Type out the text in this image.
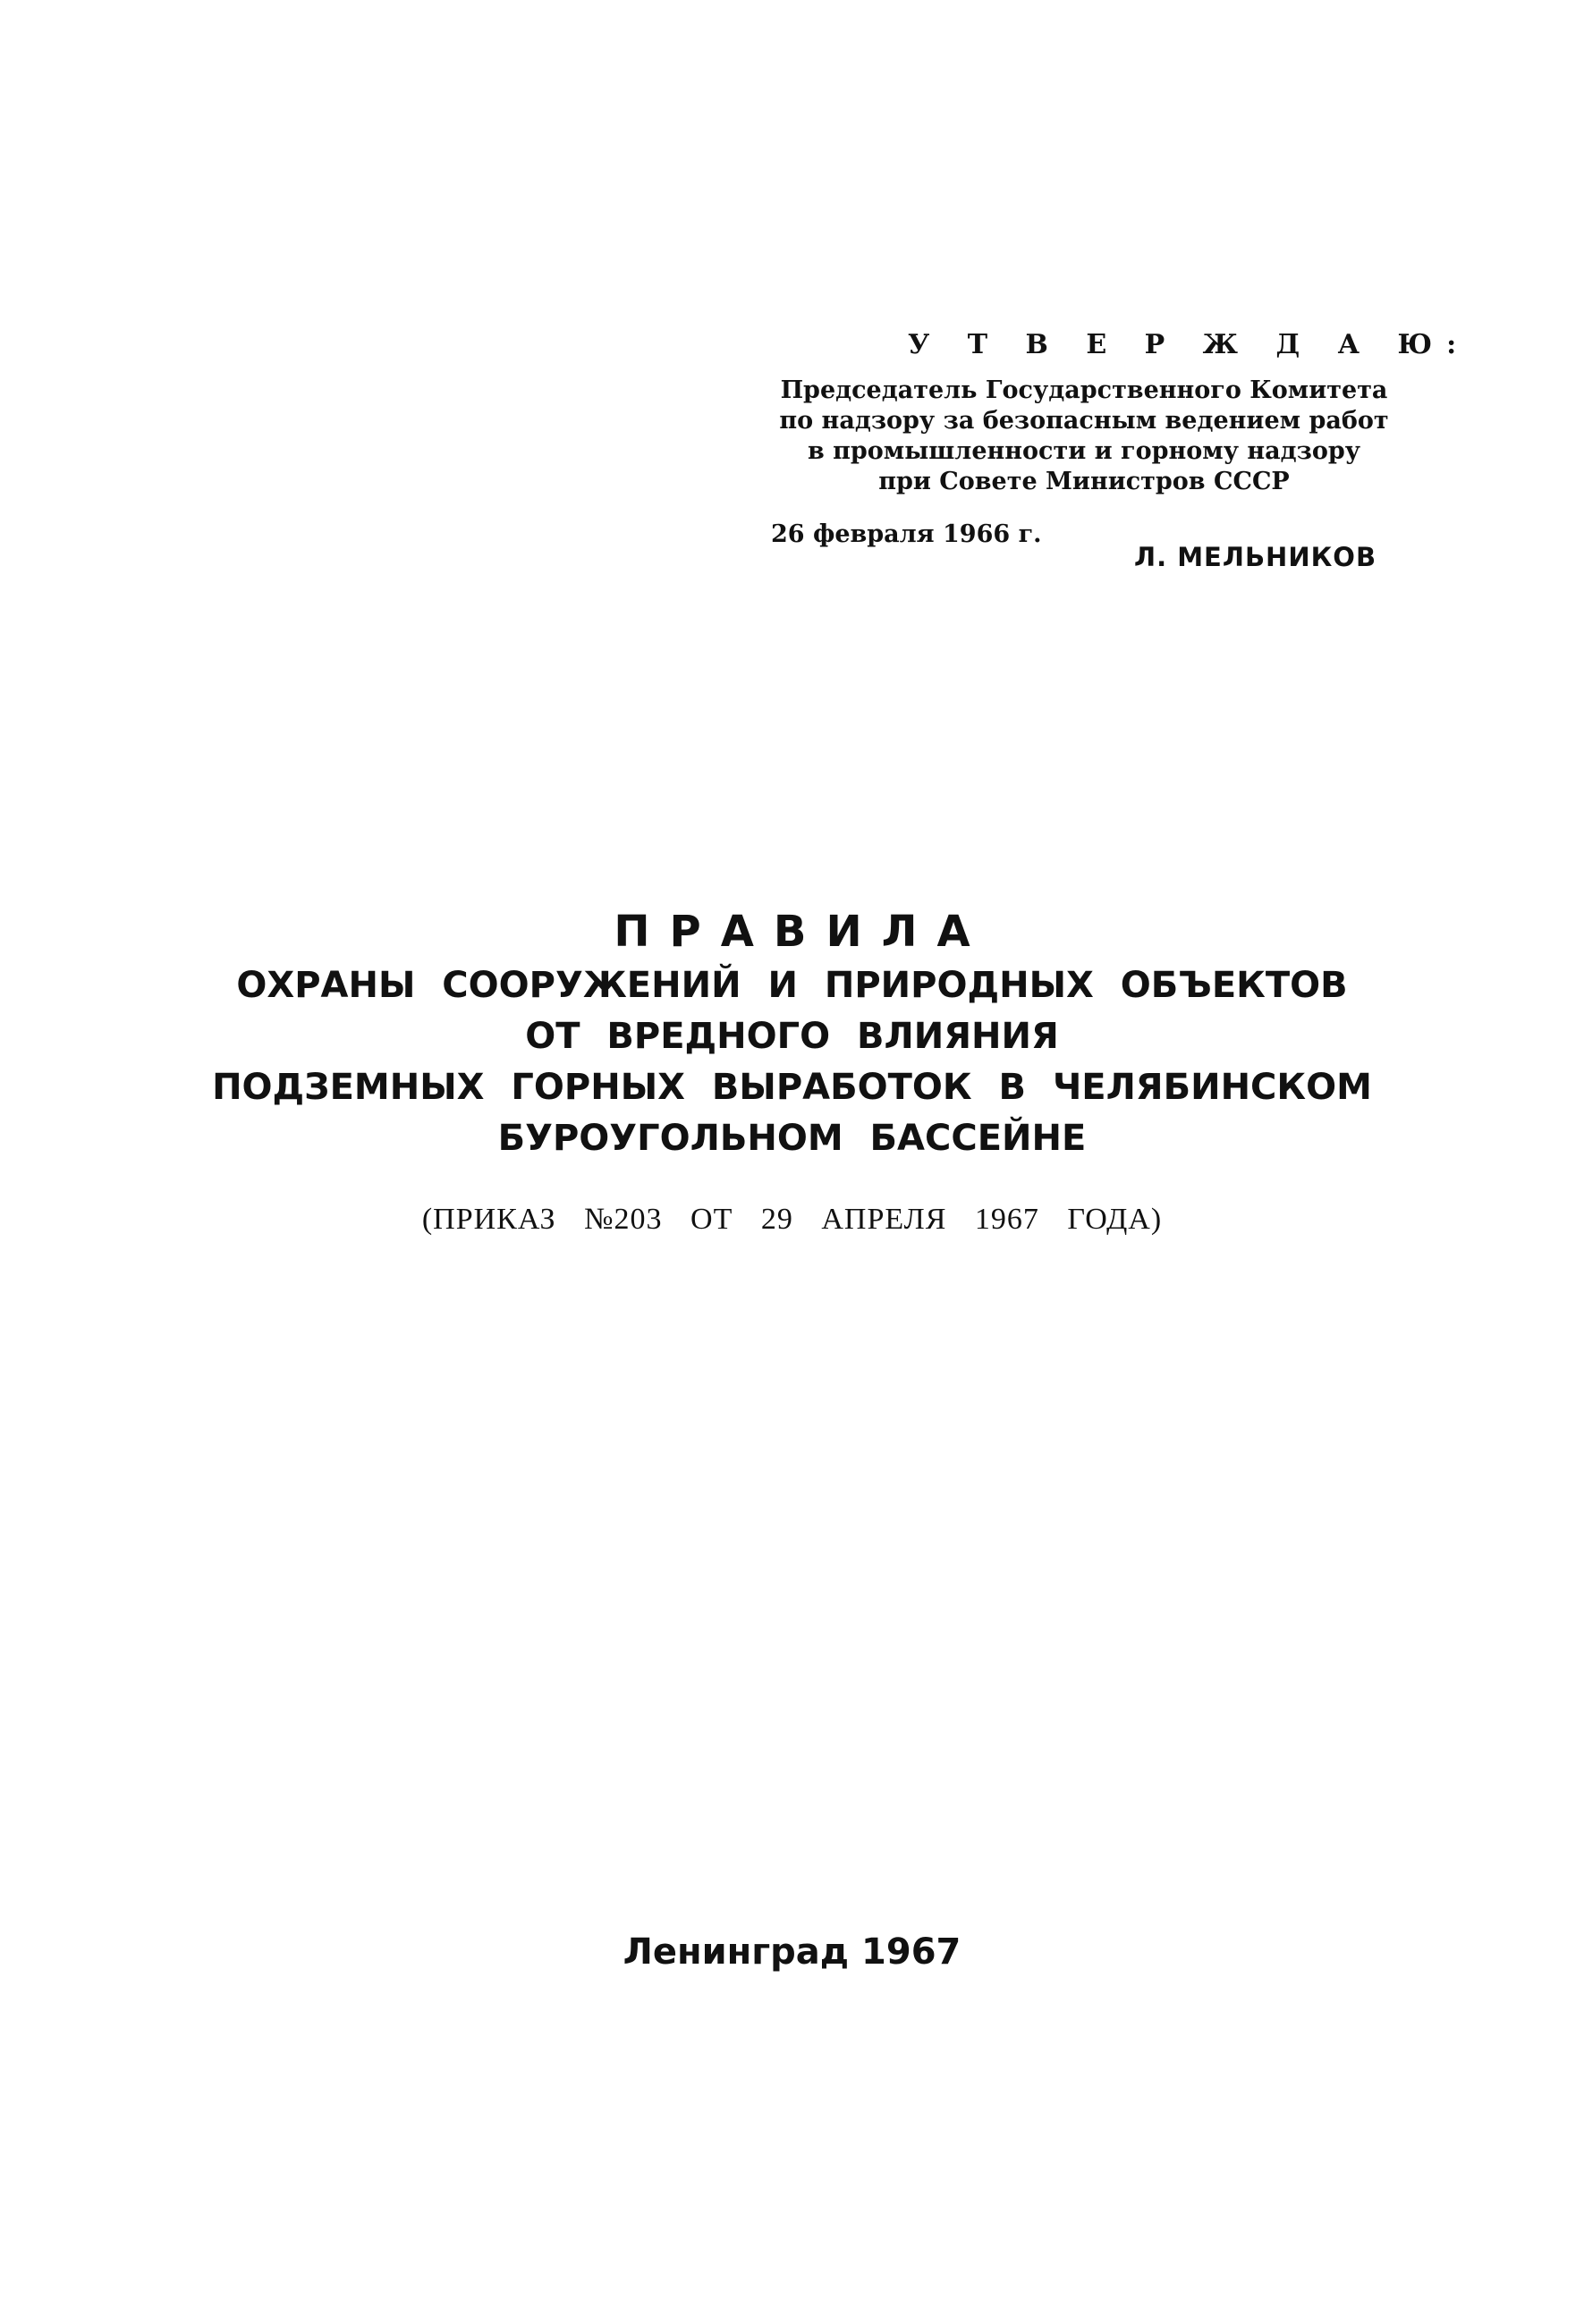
У Т В Е Р Ж Д А Ю:
Председатель Государственного Комитета
по надзору за безопасным ведением работ
в промышленности и горному надзору
при Совете Министров СССР
26 февраля 1966 г.
Л. МЕЛЬНИКОВ
ПРАВИЛА
ОХРАНЫ СООРУЖЕНИЙ И ПРИРОДНЫХ ОБЪЕКТОВ
ОТ ВРЕДНОГО ВЛИЯНИЯ
ПОДЗЕМНЫХ ГОРНЫХ ВЫРАБОТОК В ЧЕЛЯБИНСКОМ
БУРОУГОЛЬНОМ БАССЕЙНЕ
(ПРИКАЗ №203 ОТ 29 АПРЕЛЯ 1967 ГОДА)
Ленинград 1967
